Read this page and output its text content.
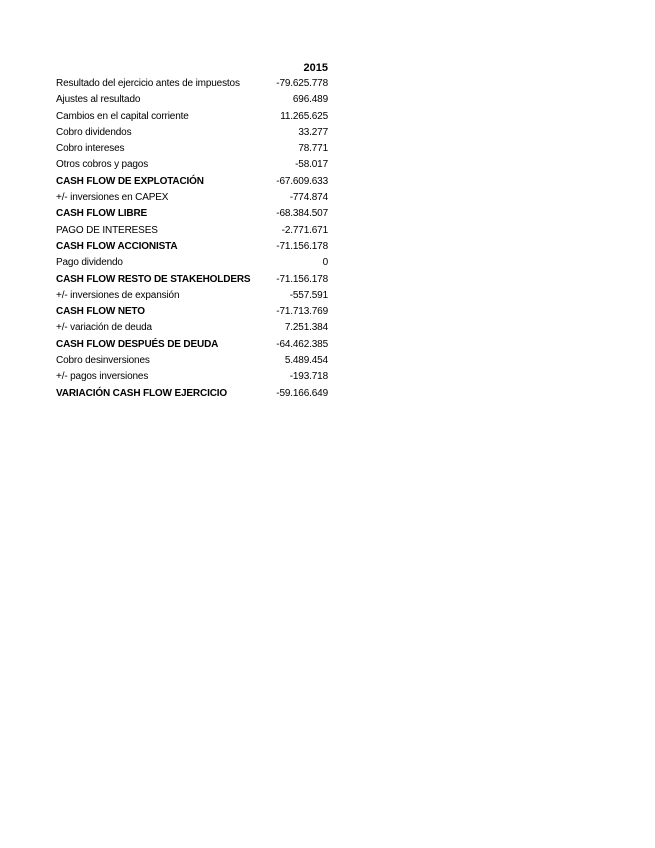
2015
Resultado del ejercicio antes de impuestos	-79.625.778
Ajustes al resultado	696.489
Cambios en el capital corriente	11.265.625
Cobro dividendos	33.277
Cobro intereses	78.771
Otros cobros y pagos	-58.017
CASH FLOW DE EXPLOTACIÓN	-67.609.633
+/- inversiones en CAPEX	-774.874
CASH FLOW LIBRE	-68.384.507
PAGO DE INTERESES	-2.771.671
CASH FLOW ACCIONISTA	-71.156.178
Pago dividendo	0
CASH FLOW RESTO DE STAKEHOLDERS	-71.156.178
+/- inversiones de expansión	-557.591
CASH FLOW NETO	-71.713.769
+/- variación de deuda	7.251.384
CASH FLOW DESPUÉS DE DEUDA	-64.462.385
Cobro desinversiones	5.489.454
+/- pagos inversiones	-193.718
VARIACIÓN CASH FLOW EJERCICIO	-59.166.649
